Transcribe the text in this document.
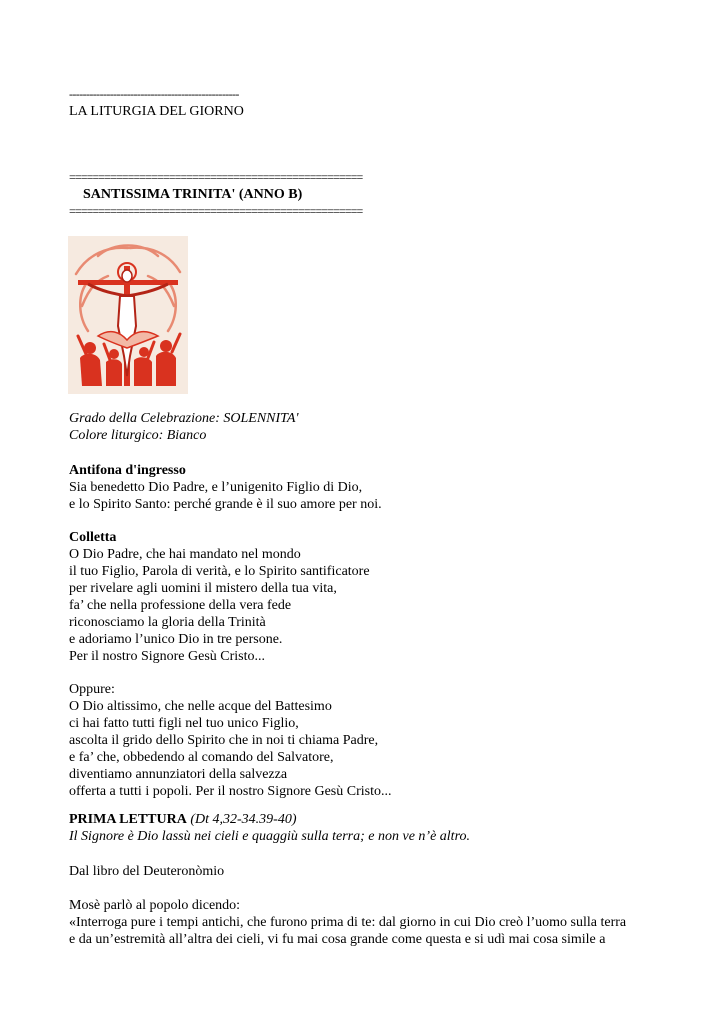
--------------------------------------------------
LA LITURGIA DEL GIORNO
==================================================
SANTISSIMA TRINITA' (ANNO B)
==================================================
Grado della Celebrazione: SOLENNITA'
Colore liturgico: Bianco
Antifona d'ingresso
Sia benedetto Dio Padre, e l’unigenito Figlio di Dio,
e lo Spirito Santo: perché grande è il suo amore per noi.
Colletta
O Dio Padre, che hai mandato nel mondo
il tuo Figlio, Parola di verità, e lo Spirito santificatore
per rivelare agli uomini il mistero della tua vita,
fa’ che nella professione della vera fede
riconosciamo la gloria della Trinità
e adoriamo l’unico Dio in tre persone.
Per il nostro Signore Gesù Cristo...
Oppure:
O Dio altissimo, che nelle acque del Battesimo
ci hai fatto tutti figli nel tuo unico Figlio,
ascolta il grido dello Spirito che in noi ti chiama Padre,
e fa’ che, obbedendo al comando del Salvatore,
diventiamo annunziatori della salvezza
offerta a tutti i popoli. Per il nostro Signore Gesù Cristo...
PRIMA LETTURA (Dt 4,32-34.39-40)
Il Signore è Dio lassù nei cieli e quaggiù sulla terra; e non ve n’è altro.
Dal libro del Deuteronòmio
Mosè parlò al popolo dicendo:
«Interroga pure i tempi antichi, che furono prima di te: dal giorno in cui Dio creò l’uomo sulla terra
e da un’estremità all’altra dei cieli, vi fu mai cosa grande come questa e si udì mai cosa simile a
